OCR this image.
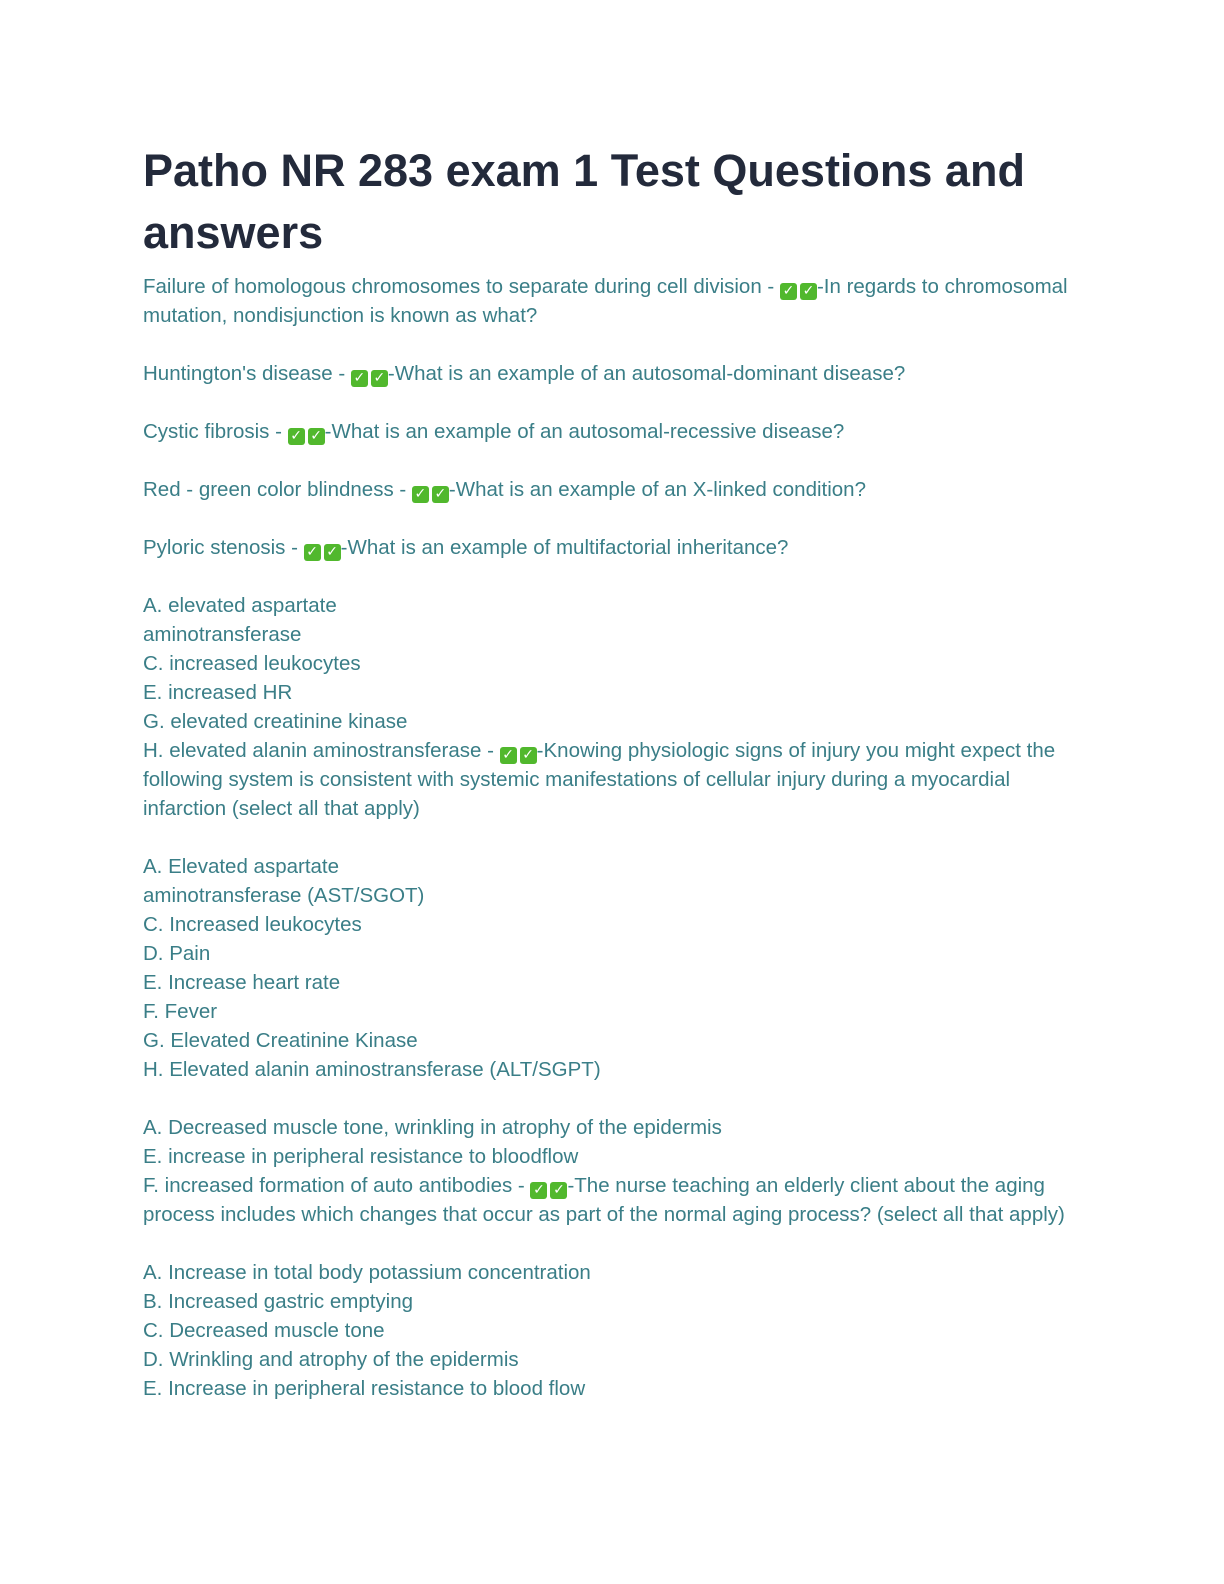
Patho NR 283 exam 1 Test Questions and answers
Failure of homologous chromosomes to separate during cell division - ✓ ✓ -In regards to chromosomal mutation, nondisjunction is known as what?
Huntington's disease - ✓ ✓ -What is an example of an autosomal-dominant disease?
Cystic fibrosis - ✓ ✓ -What is an example of an autosomal-recessive disease?
Red - green color blindness - ✓ ✓ -What is an example of an X-linked condition?
Pyloric stenosis - ✓ ✓ -What is an example of multifactorial inheritance?
A. elevated aspartate
aminotransferase
C. increased leukocytes
E. increased HR
G. elevated creatinine kinase
H. elevated alanin aminostransferase - ✓ ✓ -Knowing physiologic signs of injury you might expect the following system is consistent with systemic manifestations of cellular injury during a myocardial infarction (select all that apply)
A. Elevated aspartate
aminotransferase (AST/SGOT)
C. Increased leukocytes
D. Pain
E. Increase heart rate
F. Fever
G. Elevated Creatinine Kinase
H. Elevated alanin aminostransferase (ALT/SGPT)
A. Decreased muscle tone, wrinkling in atrophy of the epidermis
E. increase in peripheral resistance to bloodflow
F. increased formation of auto antibodies - ✓ ✓ -The nurse teaching an elderly client about the aging process includes which changes that occur as part of the normal aging process? (select all that apply)
A. Increase in total body potassium concentration
B. Increased gastric emptying
C. Decreased muscle tone
D. Wrinkling and atrophy of the epidermis
E. Increase in peripheral resistance to blood flow
